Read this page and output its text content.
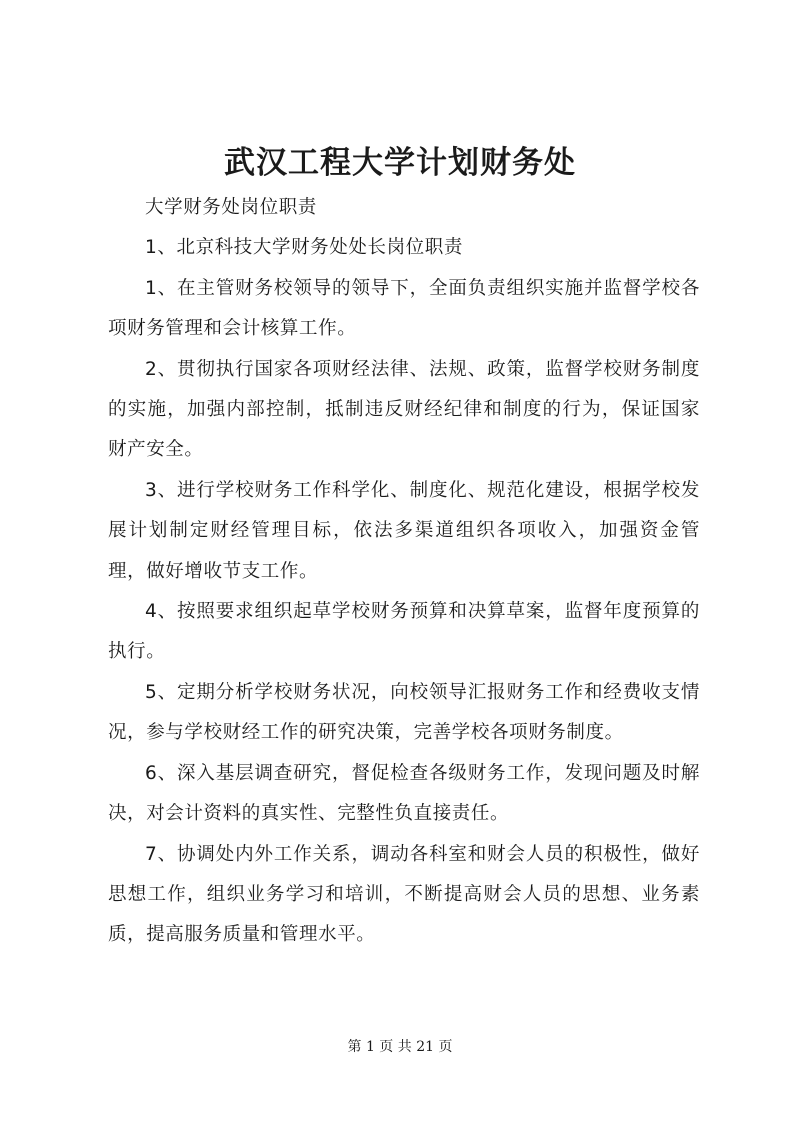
武汉工程大学计划财务处

大学财务处岗位职责

1、北京科技大学财务处处长岗位职责

1、在主管财务校领导的领导下，全面负责组织实施并监督学校各项财务管理和会计核算工作。

2、贯彻执行国家各项财经法律、法规、政策，监督学校财务制度的实施，加强内部控制，抵制违反财经纪律和制度的行为，保证国家财产安全。

3、进行学校财务工作科学化、制度化、规范化建设，根据学校发展计划制定财经管理目标，依法多渠道组织各项收入，加强资金管理，做好增收节支工作。

4、按照要求组织起草学校财务预算和决算草案，监督年度预算的执行。

5、定期分析学校财务状况，向校领导汇报财务工作和经费收支情况，参与学校财经工作的研究决策，完善学校各项财务制度。

6、深入基层调查研究，督促检查各级财务工作，发现问题及时解决，对会计资料的真实性、完整性负直接责任。

7、协调处内外工作关系，调动各科室和财会人员的积极性，做好思想工作，组织业务学习和培训，不断提高财会人员的思想、业务素质，提高服务质量和管理水平。

第 1 页 共 21 页
